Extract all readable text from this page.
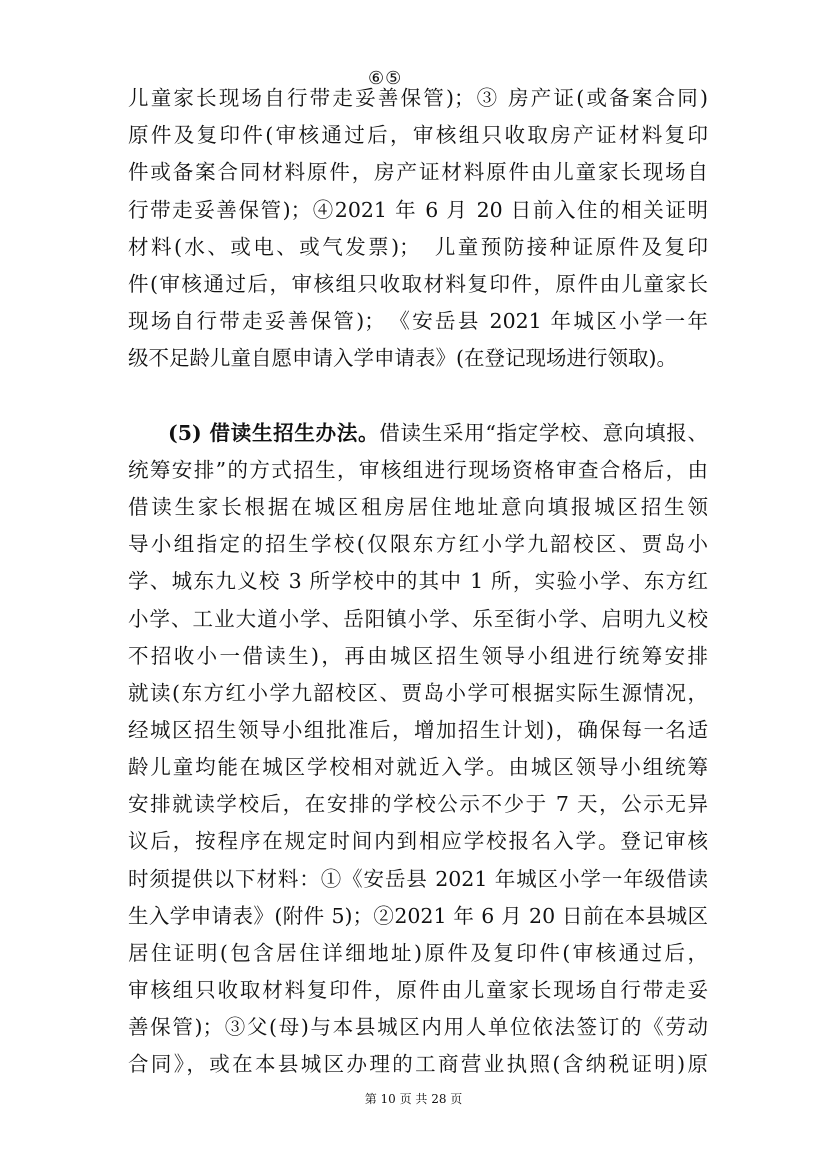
⑥⑤
儿童家长现场自行带走妥善保管)；③ 房产证(或备案合同)
原件及复印件(审核通过后，审核组只收取房产证材料复印
件或备案合同材料原件，房产证材料原件由儿童家长现场自
行带走妥善保管)；④2021 年 6 月 20 日前入住的相关证明
材料(水、或电、或气发票)；　儿童预防接种证原件及复印
件(审核通过后，审核组只收取材料复印件，原件由儿童家长
现场自行带走妥善保管)；　《安岳县 2021 年城区小学一年
级不足龄儿童自愿申请入学申请表》(在登记现场进行领取)。
(5) 借读生招生办法。借读生采用“指定学校、意向填报、
统筹安排”的方式招生，审核组进行现场资格审查合格后，由
借读生家长根据在城区租房居住地址意向填报城区招生领
导小组指定的招生学校(仅限东方红小学九韶校区、贾岛小
学、城东九义校 3 所学校中的其中 1 所，实验小学、东方红
小学、工业大道小学、岳阳镇小学、乐至街小学、启明九义校
不招收小一借读生)，再由城区招生领导小组进行统筹安排
就读(东方红小学九韶校区、贾岛小学可根据实际生源情况，
经城区招生领导小组批准后，增加招生计划)，确保每一名适
龄儿童均能在城区学校相对就近入学。由城区领导小组统筹
安排就读学校后，在安排的学校公示不少于 7 天，公示无异
议后，按程序在规定时间内到相应学校报名入学。登记审核
时须提供以下材料：①《安岳县 2021 年城区小学一年级借读
生入学申请表》(附件 5)；②2021 年 6 月 20 日前在本县城区
居住证明(包含居住详细地址)原件及复印件(审核通过后，
审核组只收取材料复印件，原件由儿童家长现场自行带走妥
善保管)；③父(母)与本县城区内用人单位依法签订的《劳动
合同》，或在本县城区办理的工商营业执照(含纳税证明)原
第 10 页 共 28 页
